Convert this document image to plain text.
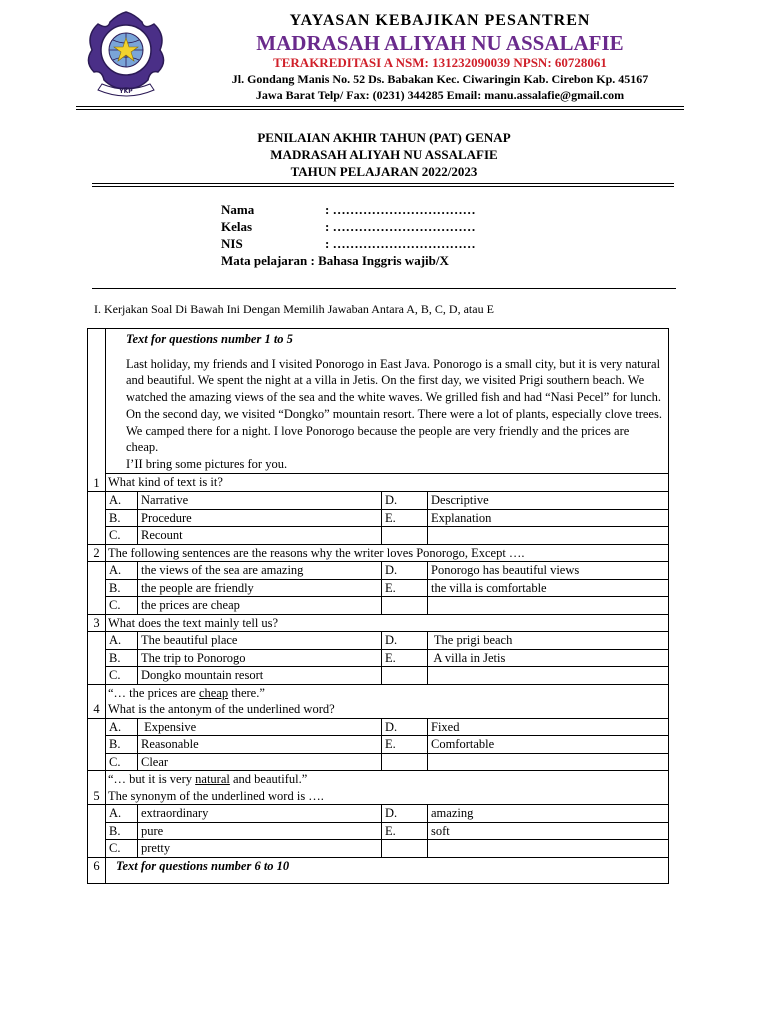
YKP
YAYASAN KEBAJIKAN PESANTREN
MADRASAH ALIYAH NU ASSALAFIE
TERAKREDITASI A NSM: 131232090039 NPSN: 60728061
Jl. Gondang Manis No. 52 Ds. Babakan Kec. Ciwaringin Kab. Cirebon Kp. 45167
Jawa Barat Telp/ Fax: (0231) 344285 Email: manu.assalafie@gmail.com
PENILAIAN AKHIR TAHUN (PAT) GENAP
MADRASAH ALIYAH NU ASSALAFIE
TAHUN PELAJARAN 2022/2023
Nama	: ……………………………
Kelas	: ……………………………
NIS	: ……………………………
Mata pelajaran : Bahasa Inggris wajib/X
I. Kerjakan Soal Di Bawah Ini Dengan Memilih Jawaban Antara A, B, C, D, atau E
1	Text for questions number 1 to 5

Last holiday, my friends and I visited Ponorogo in East Java. Ponorogo is a small city, but it is very natural and beautiful. We spent the night at a villa in Jetis. On the first day, we visited Prigi southern beach. We watched the amazing views of the sea and the white waves. We grilled fish and had “Nasi Pecel” for lunch. On the second day, we visited “Dongko” mountain resort. There were a lot of plants, especially clove trees. We camped there for a night. I love Ponorogo because the people are very friendly and the prices are cheap.

I’II bring some pictures for you.			

	What kind of text is it?			
	A.	Narrative	D.	Descriptive
	B.	Procedure	E.	Explanation
	C.	Recount		
2	The following sentences are the reasons why the writer loves Ponorogo, Except ….			
	A.	the views of the sea are amazing	D.	Ponorogo has beautiful views
	B.	the people are friendly	E.	the villa is comfortable
	C.	the prices are cheap		
3	What does the text mainly tell us?			
	A.	The beautiful place	D.	The prigi beach
	B.	The trip to Ponorogo	E.	A villa in Jetis
	C.	Dongko mountain resort		
4	“… the prices are cheap there.”
What is the antonym of the underlined word?			

	A.	Expensive	D.	Fixed
	B.	Reasonable	E.	Comfortable
	C.	Clear		
5	“… but it is very natural and beautiful.”
The synonym of the underlined word is ….			

	A.	extraordinary	D.	amazing
	B.	pure	E.	soft
	C.	pretty		
6	Text for questions number 6 to 10			
